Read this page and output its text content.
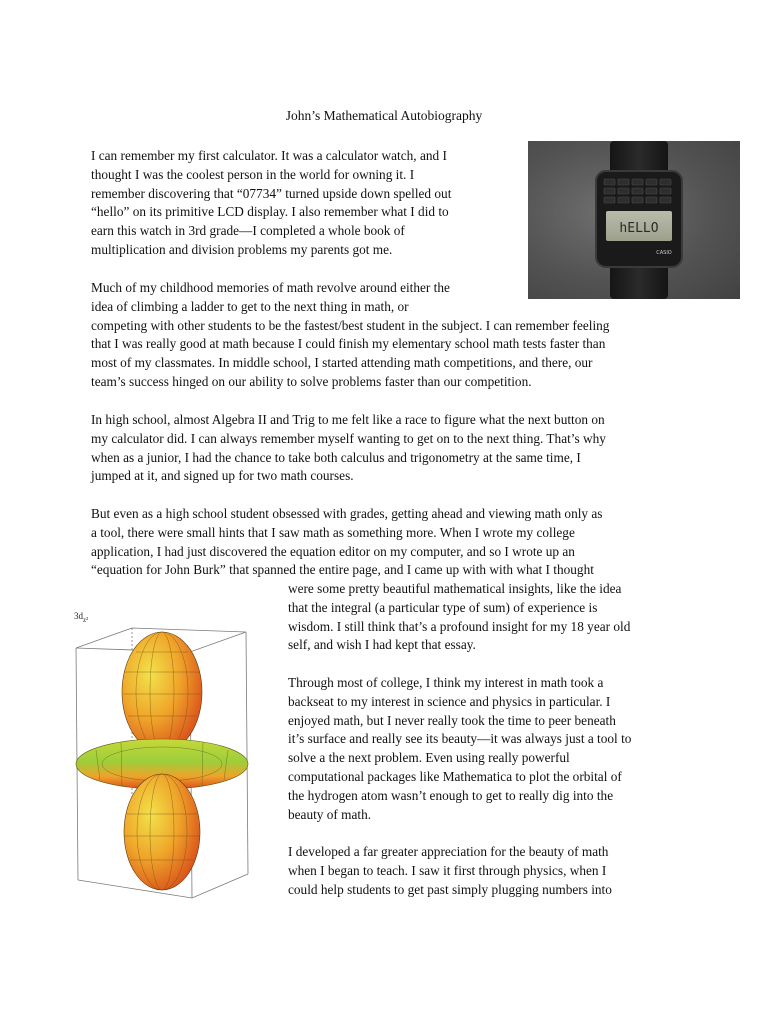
John’s Mathematical Autobiography

I can remember my first calculator. It was a calculator watch, and I
thought I was the coolest person in the world for owning it. I
remember discovering that “07734” turned upside down spelled out
“hello” on its primitive LCD display. I also remember what I did to
earn this watch in 3rd grade—I completed a whole book of
multiplication and division problems my parents got me.

Much of my childhood memories of math revolve around either the
idea of climbing a ladder to get to the next thing in math, or
competing with other students to be the fastest/best student in the subject. I can remember feeling
that I was really good at math because I could finish my elementary school math tests faster than
most of my classmates. In middle school, I started attending math competitions, and there, our
team’s success hinged on our ability to solve problems faster than our competition.

In high school, almost Algebra II and Trig to me felt like a race to figure what the next button on
my calculator did. I can always remember myself wanting to get on to the next thing. That’s why
when as a junior, I had the chance to take both calculus and trigonometry at the same time, I
jumped at it, and signed up for two math courses.

But even as a high school student obsessed with grades, getting ahead and viewing math only as
a tool, there were small hints that I saw math as something more. When I wrote my college
application, I had just discovered the equation editor on my computer, and so I wrote up an
“equation for John Burk” that spanned the entire page, and I came up with with what I thought

were some pretty beautiful mathematical insights, like the idea
that the integral (a particular type of sum) of experience is
wisdom. I still think that’s a profound insight for my 18 year old
self, and wish I had kept that essay.

Through most of college, I think my interest in math took a
backseat to my interest in science and physics in particular. I
enjoyed math, but I never really took the time to peer beneath
it’s surface and really see its beauty—it was always just a tool to
solve a the next problem. Even using really powerful
computational packages like Mathematica to plot the orbital of
the hydrogen atom wasn’t enough to get to really dig into the
beauty of math.

I developed a far greater appreciation for the beauty of math
when I began to teach. I saw it first through physics, when I
could help students to get past simply plugging numbers into

hELLO
CASIO
$3d_{z^2}$
